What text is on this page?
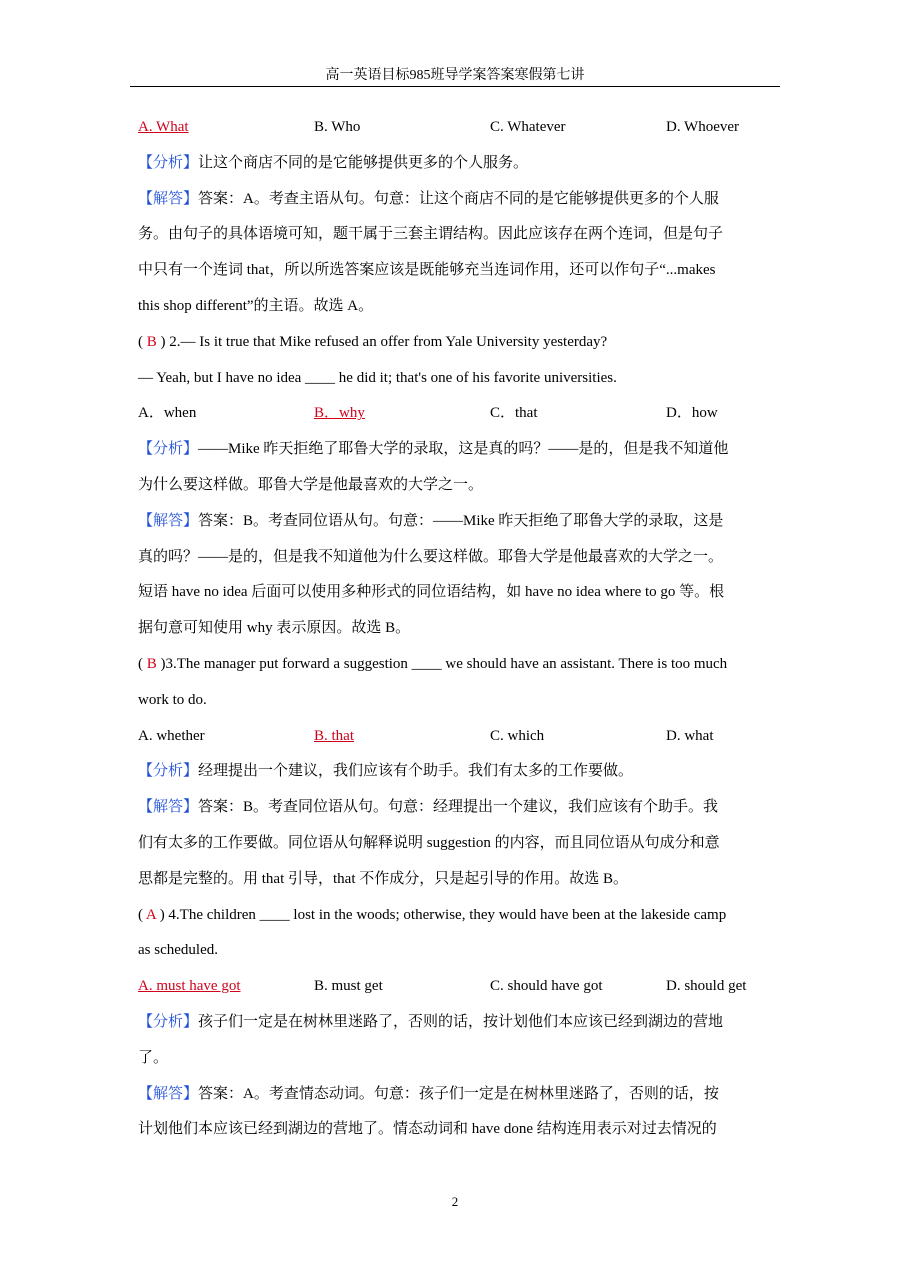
高一英语目标985班导学案答案寒假第七讲
A. What	B. Who	C. Whatever	D. Whoever
【分析】让这个商店不同的是它能够提供更多的个人服务。
【解答】答案：A。考查主语从句。句意：让这个商店不同的是它能够提供更多的个人服
务。由句子的具体语境可知，题干属于三套主谓结构。因此应该存在两个连词，但是句子
中只有一个连词 that，所以所选答案应该是既能够充当连词作用，还可以作句子“...makes
this shop different”的主语。故选 A。
( B ) 2.— Is it true that Mike refused an offer from Yale University yesterday?
— Yeah, but I have no idea ____ he did it; that's one of his favorite universities.
A．when	B．why	C．that	D．how
【分析】——Mike 昨天拒绝了耶鲁大学的录取，这是真的吗？——是的，但是我不知道他
为什么要这样做。耶鲁大学是他最喜欢的大学之一。
【解答】答案：B。考查同位语从句。句意：——Mike 昨天拒绝了耶鲁大学的录取，这是
真的吗？——是的，但是我不知道他为什么要这样做。耶鲁大学是他最喜欢的大学之一。
短语 have no idea 后面可以使用多种形式的同位语结构，如 have no idea where to go 等。根
据句意可知使用 why 表示原因。故选 B。
( B )3.The manager put forward a suggestion ____ we should have an assistant. There is too much
work to do.
A. whether	B. that	C. which	D. what
【分析】经理提出一个建议，我们应该有个助手。我们有太多的工作要做。
【解答】答案：B。考查同位语从句。句意：经理提出一个建议，我们应该有个助手。我
们有太多的工作要做。同位语从句解释说明 suggestion 的内容，而且同位语从句成分和意
思都是完整的。用 that 引导，that 不作成分，只是起引导的作用。故选 B。
( A ) 4.The children ____ lost in the woods; otherwise, they would have been at the lakeside camp
as scheduled.
A. must have got	B. must get	C. should have got	D. should get
【分析】孩子们一定是在树林里迷路了，否则的话，按计划他们本应该已经到湖边的营地
了。
【解答】答案：A。考查情态动词。句意：孩子们一定是在树林里迷路了，否则的话，按
计划他们本应该已经到湖边的营地了。情态动词和 have done 结构连用表示对过去情况的
2
